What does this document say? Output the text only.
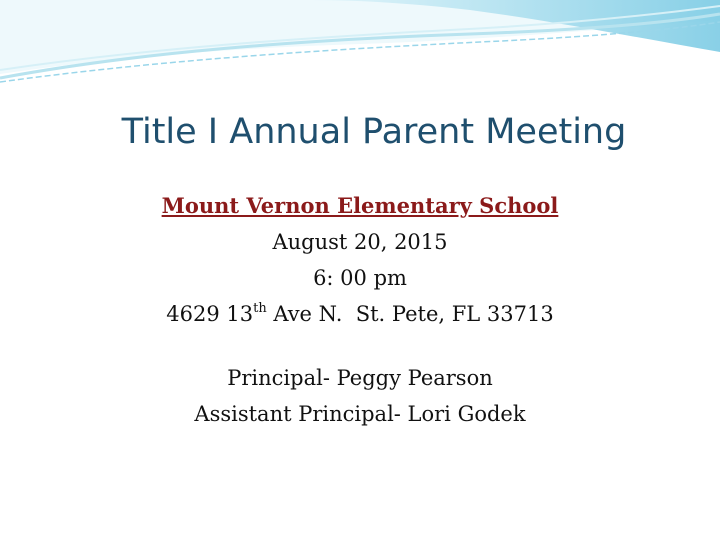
Title I Annual Parent Meeting
Mount Vernon Elementary School
August 20, 2015
6: 00 pm
4629 13th Ave N.  St. Pete, FL 33713
Principal- Peggy Pearson
Assistant Principal- Lori Godek
